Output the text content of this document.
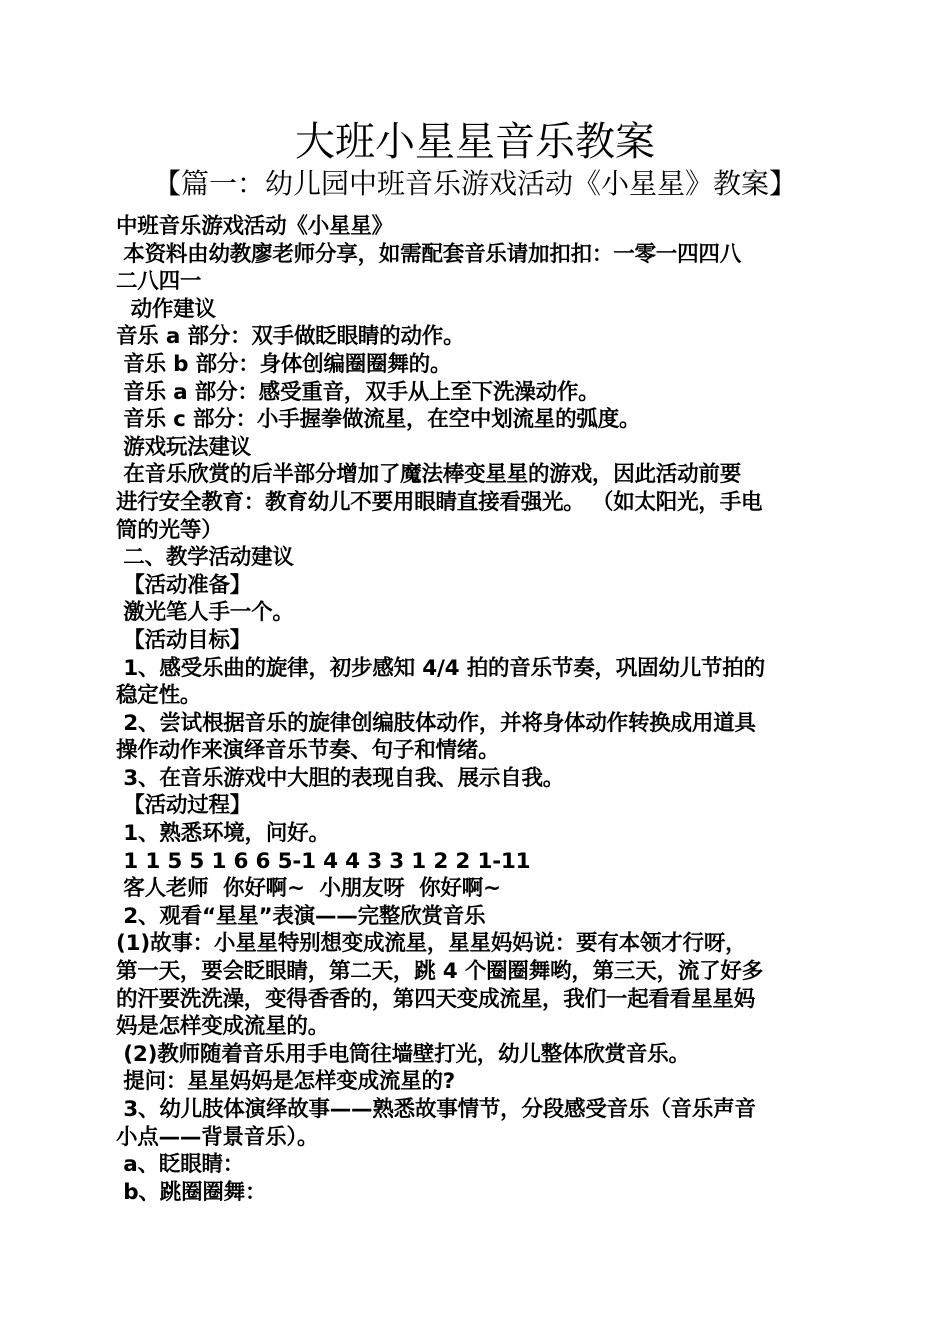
大班小星星音乐教案
【篇一：幼儿园中班音乐游戏活动《小星星》教案】

中班音乐游戏活动《小星星》

本资料由幼教廖老师分享，如需配套音乐请加扣扣：一零一四四八

二八四一

动作建议

音乐 a 部分：双手做眨眼睛的动作。

音乐 b 部分：身体创编圈圈舞的。

音乐 a 部分：感受重音，双手从上至下洗澡动作。

音乐 c 部分：小手握拳做流星，在空中划流星的弧度。

游戏玩法建议

在音乐欣赏的后半部分增加了魔法棒变星星的游戏，因此活动前要

进行安全教育：教育幼儿不要用眼睛直接看强光。 （如太阳光，手电

筒的光等）

二、教学活动建议

【活动准备】

激光笔人手一个。

【活动目标】

1、感受乐曲的旋律，初步感知 4/4 拍的音乐节奏，巩固幼儿节拍的

稳定性。

2、尝试根据音乐的旋律创编肢体动作，并将身体动作转换成用道具

操作动作来演绎音乐节奏、句子和情绪。

3、在音乐游戏中大胆的表现自我、展示自我。

【活动过程】

1、熟悉环境，问好。

1 1 5 5 1 6 6 5-1 4 4 3 3 1 2 2 1-11

客人老师  你好啊~  小朋友呀  你好啊~

2、观看“星星”表演——完整欣赏音乐

(1)故事：小星星特别想变成流星，星星妈妈说：要有本领才行呀，

第一天，要会眨眼睛，第二天，跳 4 个圈圈舞哟，第三天，流了好多

的汗要洗洗澡，变得香香的，第四天变成流星，我们一起看看星星妈

妈是怎样变成流星的。

(2)教师随着音乐用手电筒往墙壁打光，幼儿整体欣赏音乐。

提问：星星妈妈是怎样变成流星的?

3、幼儿肢体演绎故事——熟悉故事情节，分段感受音乐（音乐声音

小点——背景音乐）。

a、眨眼睛：

b、跳圈圈舞：
